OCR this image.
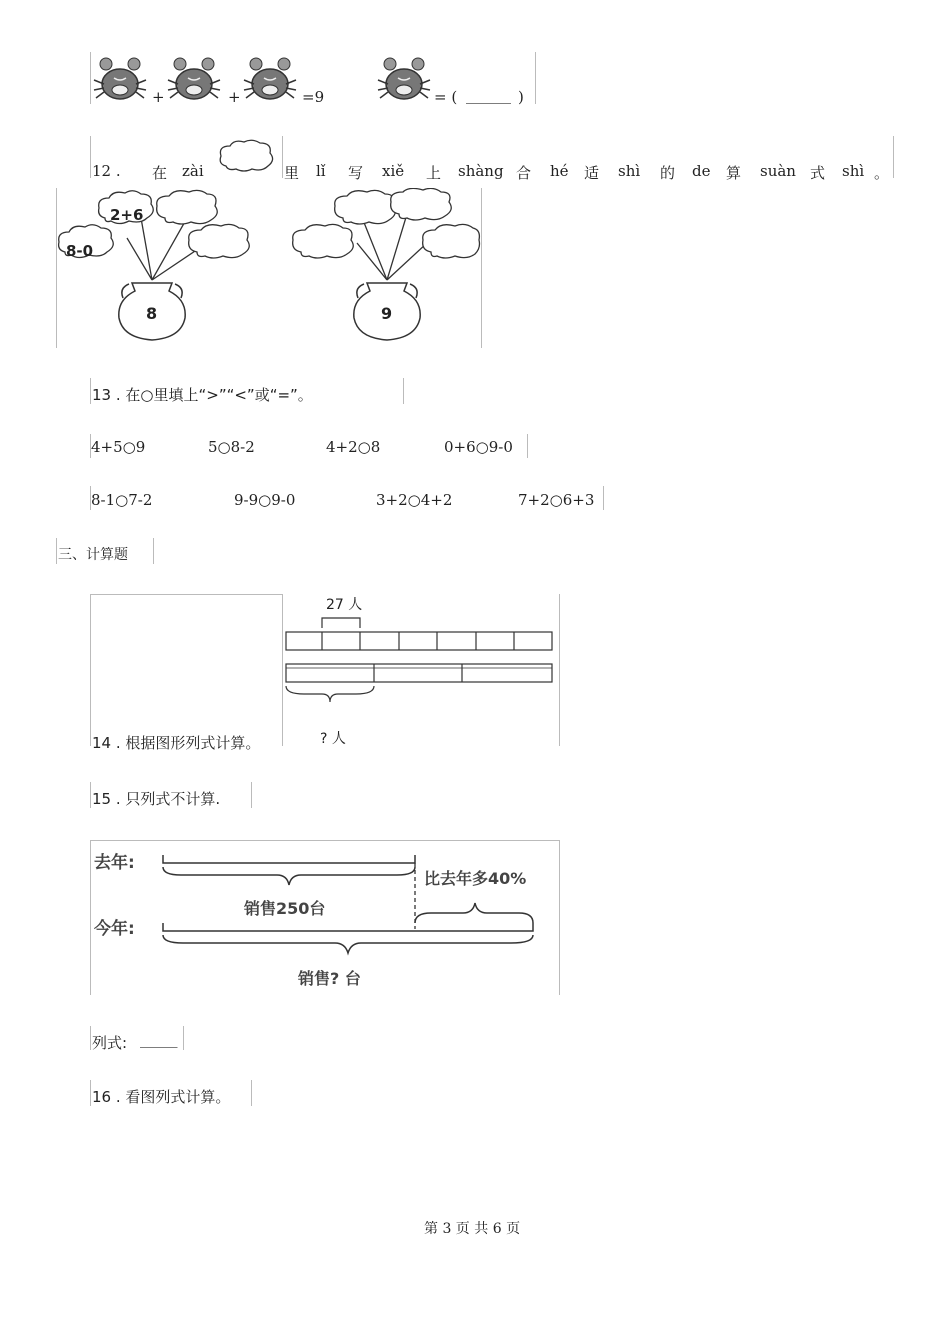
+	+	=9	= ( ______ )
12 . 在 zài	里 lǐ 写 xiě 上 shàng 合 hé 适 shì 的 de 算 suàn 式 shì 。
2+6
8-0
8	9
13 . 在○里填上“>”“<”或“=”。
4+5○9	5○8-2	4+2○8	0+6○9-0
8-1○7-2	9-9○9-0	3+2○4+2	7+2○6+3
三、计算题
14 . 根据图形列式计算。
27 人
? 人
15 . 只列式不计算.
去年:
销售250台
比去年多40%
今年:
销售? 台
列式: _____
16 . 看图列式计算。
第 3 页 共 6 页
